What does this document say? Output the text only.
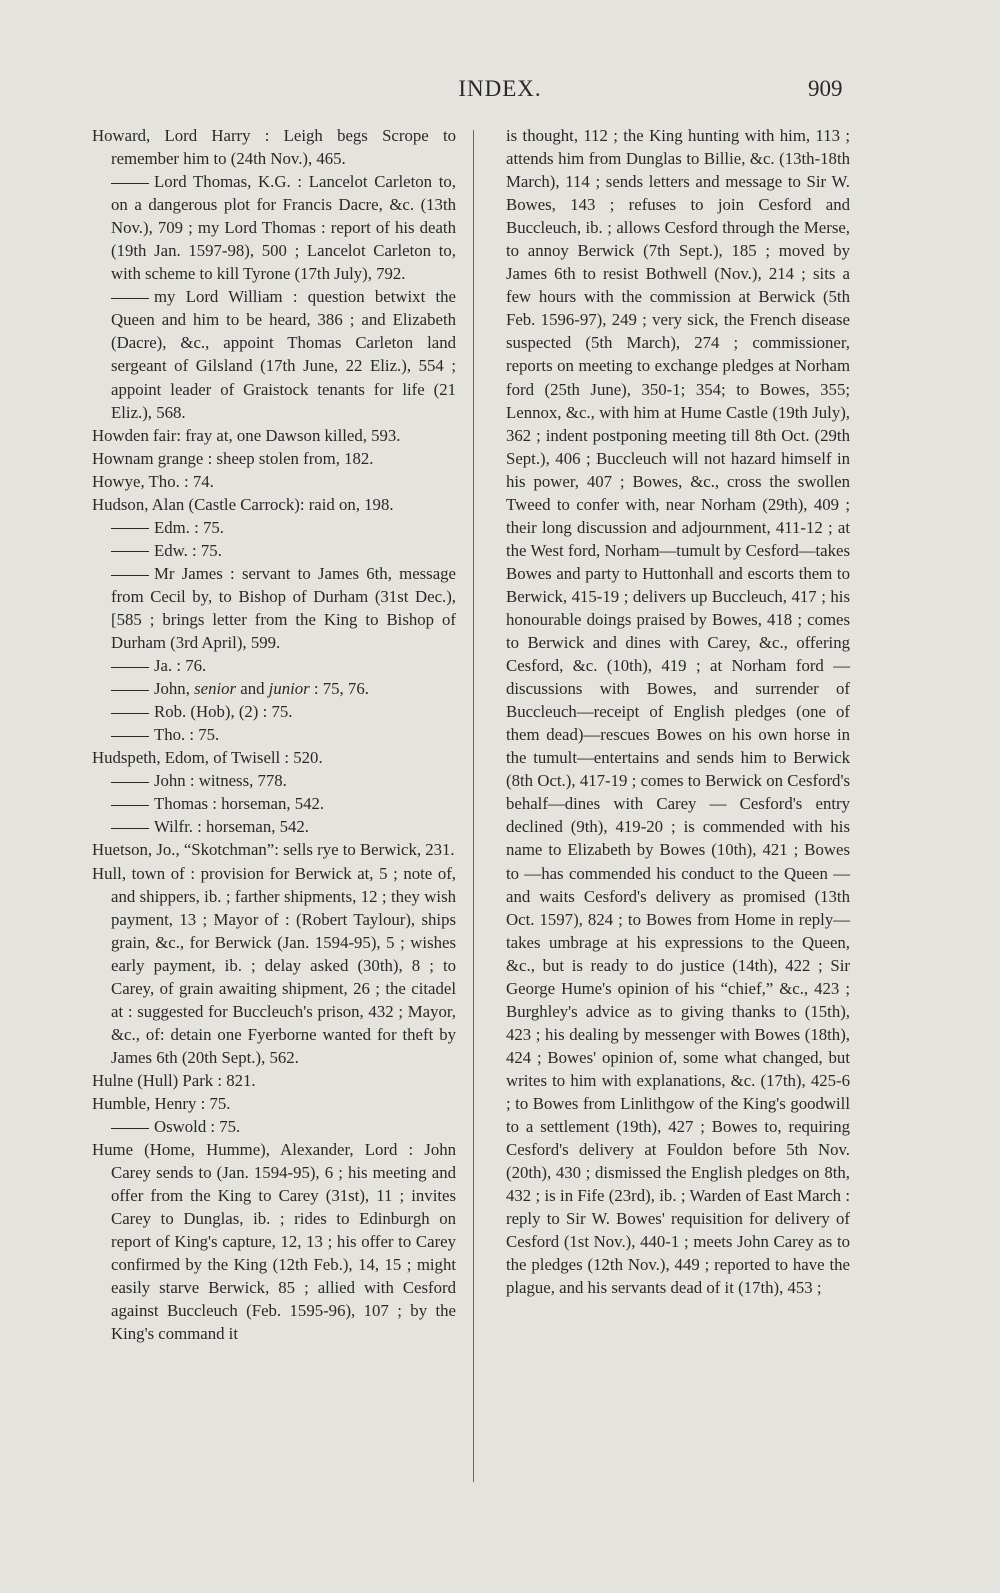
INDEX.	909

Howard, Lord Harry : Leigh begs Scrope to remember him to (24th Nov.), 465.

Lord Thomas, K.G. : Lancelot Carleton to, on a dangerous plot for Francis Dacre, &c. (13th Nov.), 709 ; my Lord Thomas : report of his death (19th Jan. 1597-98), 500 ; Lancelot Carleton to, with scheme to kill Tyrone (17th July), 792.

my Lord William : question betwixt the Queen and him to be heard, 386 ; and Elizabeth (Dacre), &c., appoint Thomas Carleton land sergeant of Gilsland (17th June, 22 Eliz.), 554 ; appoint leader of Graistock tenants for life (21 Eliz.), 568.

Howden fair: fray at, one Dawson killed, 593.

Hownam grange : sheep stolen from, 182.

Howye, Tho. : 74.

Hudson, Alan (Castle Carrock): raid on, 198.

Edm. : 75.

Edw. : 75.

Mr James : servant to James 6th, message from Cecil by, to Bishop of Durham (31st Dec.), [585 ; brings letter from the King to Bishop of Durham (3rd April), 599.

Ja. : 76.

John, senior and junior : 75, 76.

Rob. (Hob), (2) : 75.

Tho. : 75.

Hudspeth, Edom, of Twisell : 520.

John : witness, 778.

Thomas : horseman, 542.

Wilfr. : horseman, 542.

Huetson, Jo., “Skotchman”: sells rye to Berwick, 231.

Hull, town of : provision for Berwick at, 5 ; note of, and shippers, ib. ; farther shipments, 12 ; they wish payment, 13 ; Mayor of : (Robert Taylour), ships grain, &c., for Berwick (Jan. 1594-95), 5 ; wishes early payment, ib. ; delay asked (30th), 8 ; to Carey, of grain awaiting shipment, 26 ; the citadel at : suggested for Buccleuch's prison, 432 ; Mayor, &c., of: detain one Fyerborne wanted for theft by James 6th (20th Sept.), 562.

Hulne (Hull) Park : 821.

Humble, Henry : 75.

Oswold : 75.

Hume (Home, Humme), Alexander, Lord : John Carey sends to (Jan. 1594-95), 6 ; his meeting and offer from the King to Carey (31st), 11 ; invites Carey to Dunglas, ib. ; rides to Edinburgh on report of King's capture, 12, 13 ; his offer to Carey confirmed by the King (12th Feb.), 14, 15 ; might easily starve Berwick, 85 ; allied with Cesford against Buccleuch (Feb. 1595-96), 107 ; by the King's command it

is thought, 112 ; the King hunting with him, 113 ; attends him from Dunglas to Billie, &c. (13th-18th March), 114 ; sends letters and message to Sir W. Bowes, 143 ; refuses to join Cesford and Buccleuch, ib. ; allows Cesford through the Merse, to annoy Berwick (7th Sept.), 185 ; moved by James 6th to resist Bothwell (Nov.), 214 ; sits a few hours with the commission at Berwick (5th Feb. 1596-97), 249 ; very sick, the French disease suspected (5th March), 274 ; commissioner, reports on meeting to exchange pledges at Norham ford (25th June), 350-1; 354; to Bowes, 355; Lennox, &c., with him at Hume Castle (19th July), 362 ; indent postponing meeting till 8th Oct. (29th Sept.), 406 ; Buccleuch will not hazard himself in his power, 407 ; Bowes, &c., cross the swollen Tweed to confer with, near Norham (29th), 409 ; their long discussion and adjournment, 411-12 ; at the West ford, Norham—tumult by Cesford—takes Bowes and party to Huttonhall and escorts them to Berwick, 415-19 ; delivers up Buccleuch, 417 ; his honourable doings praised by Bowes, 418 ; comes to Berwick and dines with Carey, &c., offering Cesford, &c. (10th), 419 ; at Norham ford — discussions with Bowes, and surrender of Buccleuch—receipt of English pledges (one of them dead)—rescues Bowes on his own horse in the tumult—entertains and sends him to Berwick (8th Oct.), 417-19 ; comes to Berwick on Cesford's behalf—dines with Carey — Cesford's entry declined (9th), 419-20 ; is commended with his name to Elizabeth by Bowes (10th), 421 ; Bowes to —has commended his conduct to the Queen —and waits Cesford's delivery as promised (13th Oct. 1597), 824 ; to Bowes from Home in reply—takes umbrage at his expressions to the Queen, &c., but is ready to do justice (14th), 422 ; Sir George Hume's opinion of his “chief,” &c., 423 ; Burghley's advice as to giving thanks to (15th), 423 ; his dealing by messenger with Bowes (18th), 424 ; Bowes' opinion of, some what changed, but writes to him with explanations, &c. (17th), 425-6 ; to Bowes from Linlithgow of the King's goodwill to a settlement (19th), 427 ; Bowes to, requiring Cesford's delivery at Fouldon before 5th Nov. (20th), 430 ; dismissed the English pledges on 8th, 432 ; is in Fife (23rd), ib. ; Warden of East March : reply to Sir W. Bowes' requisition for delivery of Cesford (1st Nov.), 440-1 ; meets John Carey as to the pledges (12th Nov.), 449 ; reported to have the plague, and his servants dead of it (17th), 453 ;
